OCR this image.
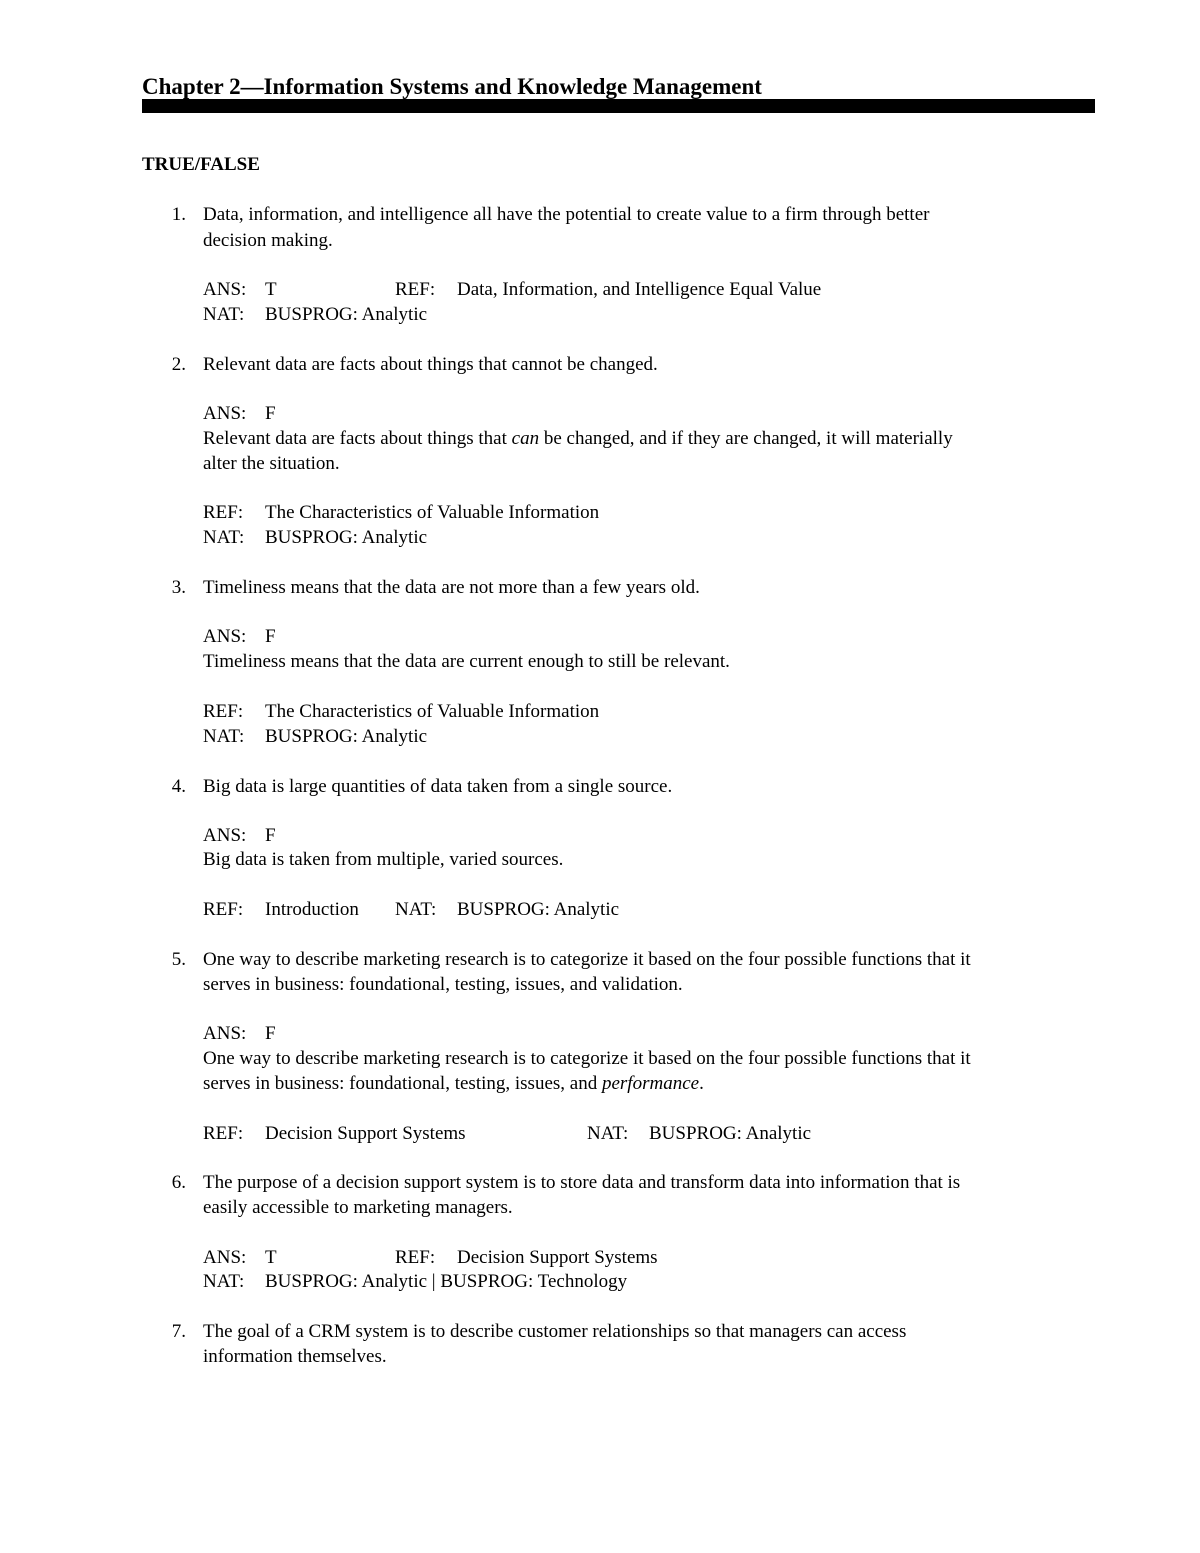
Chapter 2—Information Systems and Knowledge Management
TRUE/FALSE
1. Data, information, and intelligence all have the potential to create value to a firm through better
decision making.
ANS: T	REF: Data, Information, and Intelligence Equal Value
NAT: BUSPROG: Analytic
2. Relevant data are facts about things that cannot be changed.
ANS: F
Relevant data are facts about things that can be changed, and if they are changed, it will materially
alter the situation.
REF: The Characteristics of Valuable Information
NAT: BUSPROG: Analytic
3. Timeliness means that the data are not more than a few years old.
ANS: F
Timeliness means that the data are current enough to still be relevant.
REF: The Characteristics of Valuable Information
NAT: BUSPROG: Analytic
4. Big data is large quantities of data taken from a single source.
ANS: F
Big data is taken from multiple, varied sources.
REF: Introduction NAT: BUSPROG: Analytic
5. One way to describe marketing research is to categorize it based on the four possible functions that it
serves in business: foundational, testing, issues, and validation.
ANS: F
One way to describe marketing research is to categorize it based on the four possible functions that it
serves in business: foundational, testing, issues, and performance.
REF: Decision Support Systems	NAT: BUSPROG: Analytic
6. The purpose of a decision support system is to store data and transform data into information that is
easily accessible to marketing managers.
ANS: T	REF: Decision Support Systems
NAT: BUSPROG: Analytic | BUSPROG: Technology
7. The goal of a CRM system is to describe customer relationships so that managers can access
information themselves.
